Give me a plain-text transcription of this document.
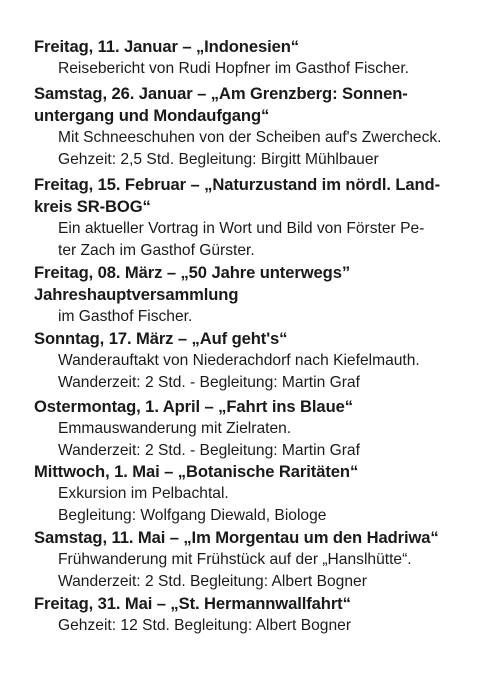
Freitag, 11. Januar – „Indonesien“
Reisebericht von Rudi Hopfner im Gasthof Fischer.
Samstag, 26. Januar – „Am Grenzberg: Sonnen-
untergang und Mondaufgang“
Mit Schneeschuhen von der Scheiben auf's Zwercheck.
Gehzeit: 2,5 Std. Begleitung: Birgitt Mühlbauer
Freitag, 15. Februar – „Naturzustand im nördl. Land-
kreis SR-BOG“
Ein aktueller Vortrag in Wort und Bild von Förster Pe-
ter Zach im Gasthof Gürster.
Freitag, 08. März – „50 Jahre unterwegs”
Jahreshauptversammlung
im Gasthof Fischer.
Sonntag, 17. März – „Auf geht's“
Wanderauftakt von Niederachdorf nach Kiefelmauth.
Wanderzeit: 2 Std. - Begleitung: Martin Graf
Ostermontag, 1. April – „Fahrt ins Blaue“
Emmauswanderung mit Zielraten.
Wanderzeit: 2 Std. - Begleitung: Martin Graf
Mittwoch, 1. Mai – „Botanische Raritäten“
Exkursion im Pelbachtal.
Begleitung: Wolfgang Diewald, Biologe
Samstag, 11. Mai – „Im Morgentau um den Hadriwa“
Frühwanderung mit Frühstück auf der „Hanslhütte“.
Wanderzeit: 2 Std. Begleitung: Albert Bogner
Freitag, 31. Mai – „St. Hermannwallfahrt“
Gehzeit: 12 Std. Begleitung: Albert Bogner
